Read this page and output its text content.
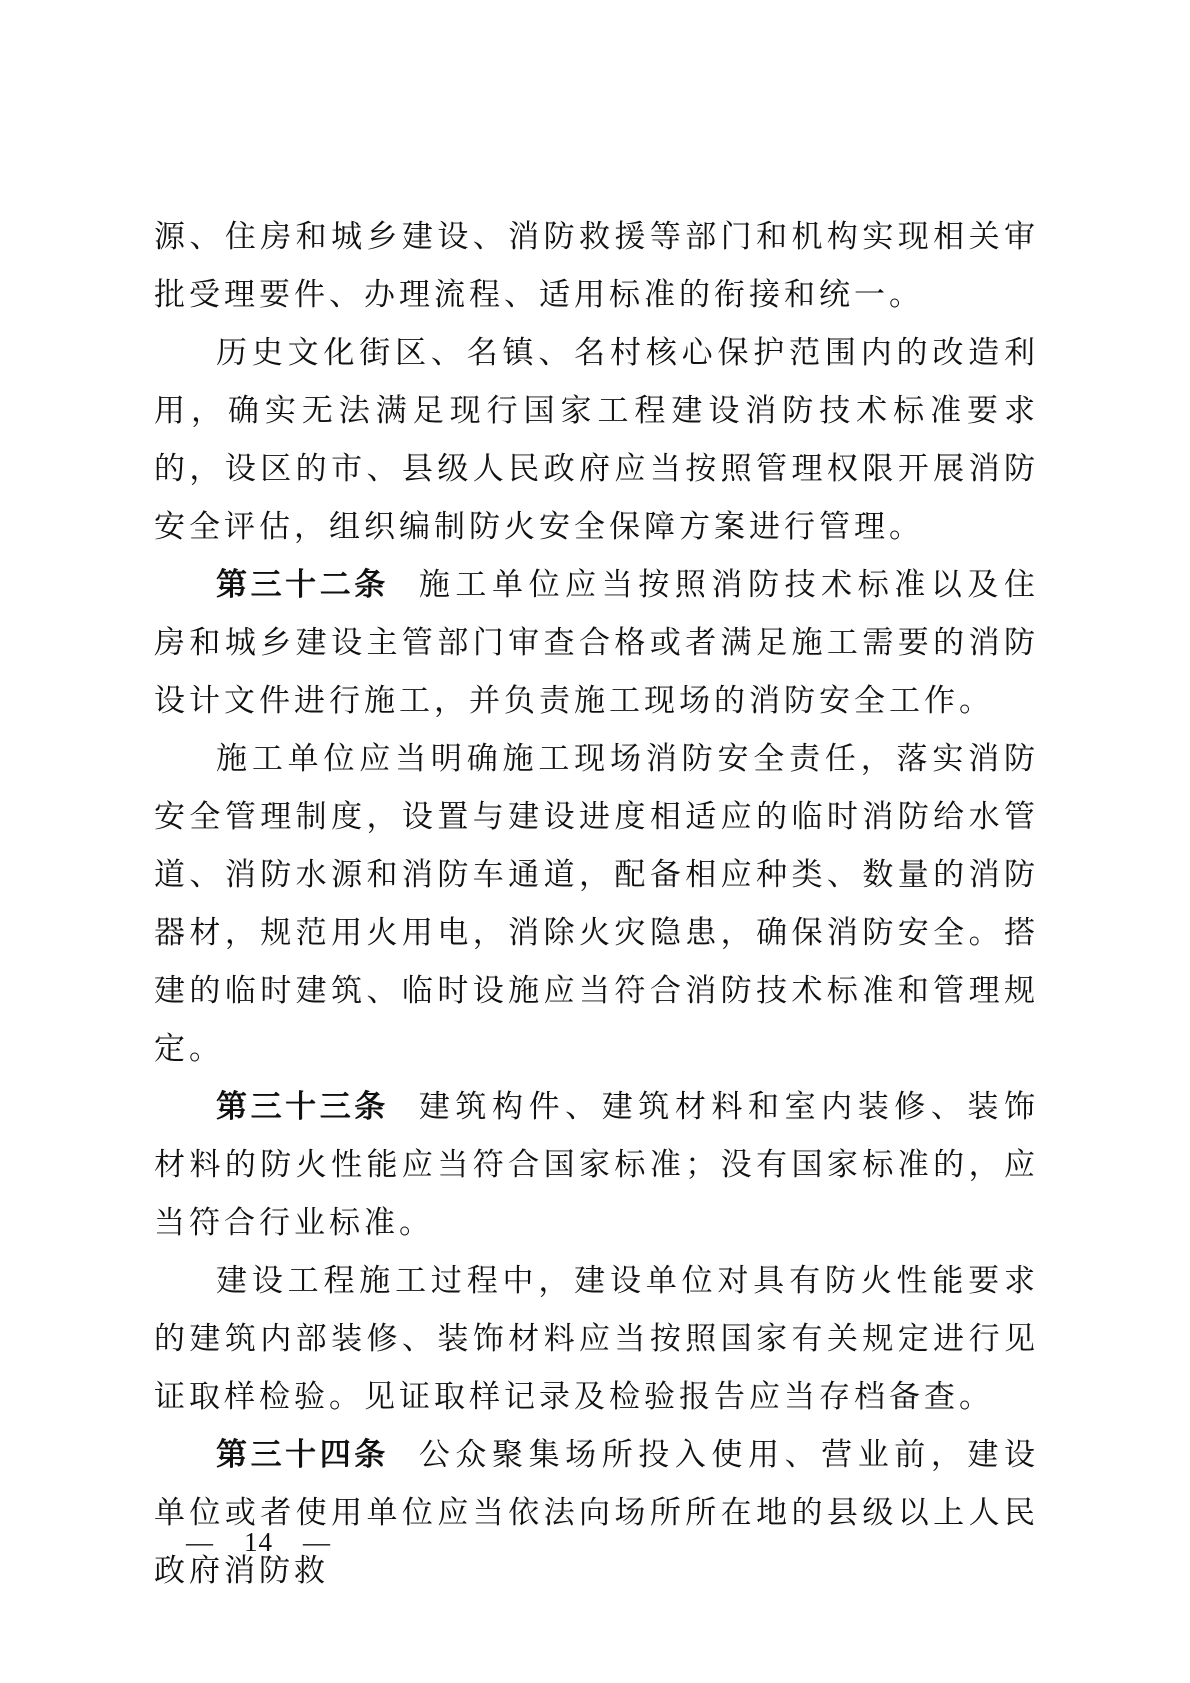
源、住房和城乡建设、消防救援等部门和机构实现相关审批受理要件、办理流程、适用标准的衔接和统一。

历史文化街区、名镇、名村核心保护范围内的改造利用，确实无法满足现行国家工程建设消防技术标准要求的，设区的市、县级人民政府应当按照管理权限开展消防安全评估，组织编制防火安全保障方案进行管理。

第三十二条 施工单位应当按照消防技术标准以及住房和城乡建设主管部门审查合格或者满足施工需要的消防设计文件进行施工，并负责施工现场的消防安全工作。

施工单位应当明确施工现场消防安全责任，落实消防安全管理制度，设置与建设进度相适应的临时消防给水管道、消防水源和消防车通道，配备相应种类、数量的消防器材，规范用火用电，消除火灾隐患，确保消防安全。搭建的临时建筑、临时设施应当符合消防技术标准和管理规定。

第三十三条 建筑构件、建筑材料和室内装修、装饰材料的防火性能应当符合国家标准；没有国家标准的，应当符合行业标准。

建设工程施工过程中，建设单位对具有防火性能要求的建筑内部装修、装饰材料应当按照国家有关规定进行见证取样检验。见证取样记录及检验报告应当存档备查。

第三十四条 公众聚集场所投入使用、营业前，建设单位或者使用单位应当依法向场所所在地的县级以上人民政府消防救

— 14 —
